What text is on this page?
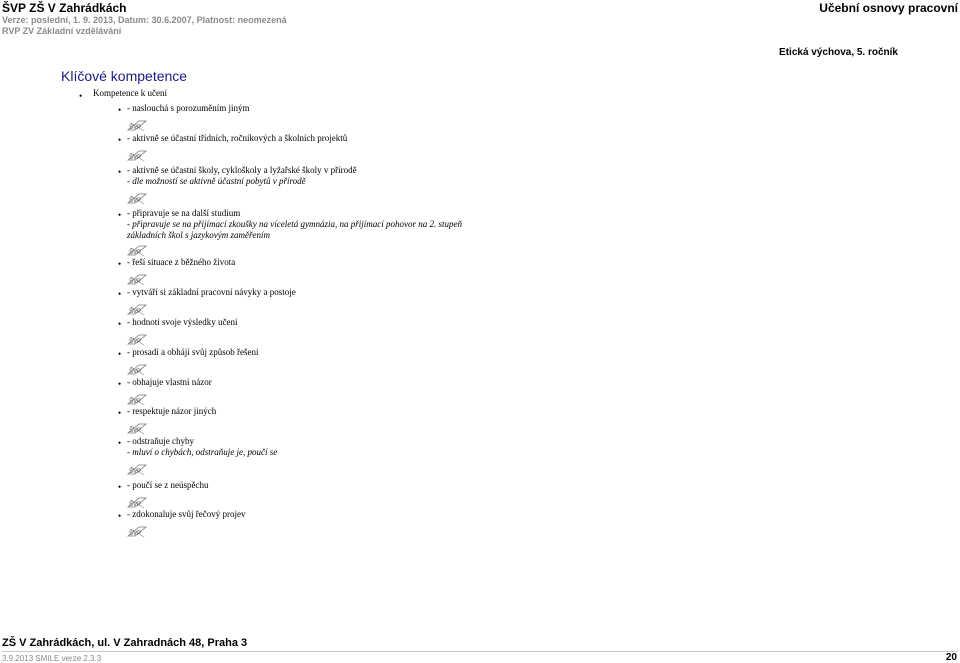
ŠVP ZŠ V Zahrádkách	Učební osnovy pracovní
Verze: poslední, 1. 9. 2013, Datum: 30.6.2007, Platnost: neomezená
RVP ZV Základní vzdělávání
Etická výchova, 5. ročník
Klíčové kompetence
• Kompetence k učení
• - naslouchá s porozuměním jiným
ŠVP
• - aktivně se účastní třídních, ročníkových a školních projektů
ŠVP
• - aktivně se účastní školy, cykloškoly a lyžařské školy v přírodě
- dle možností se aktivně účastní pobytů v přírodě
ŠVP
• - připravuje se na další studium
- připravuje se na přijímací zkoušky na víceletá gymnázia, na přijímací pohovor na 2. stupeň základních škol s jazykovým zaměřením
ŠVP
• - řeší situace z běžného života
ŠVP
• - vytváří si základní pracovní návyky a postoje
ŠVP
• - hodnotí svoje výsledky učení
ŠVP
• - prosadí a obhájí svůj způsob řešení
ŠVP
• - obhajuje vlastní názor
ŠVP
• - respektuje názor jiných
ŠVP
• - odstraňuje chyby
- mluví o chybách, odstraňuje je, poučí se
ŠVP
• - poučí se z neúspěchu
ŠVP
• - zdokonaluje svůj řečový projev
ŠVP
ZŠ V Zahrádkách, ul. V Zahradnách 48, Praha 3
3.9.2013 SMILE verze 2.3.3	20
